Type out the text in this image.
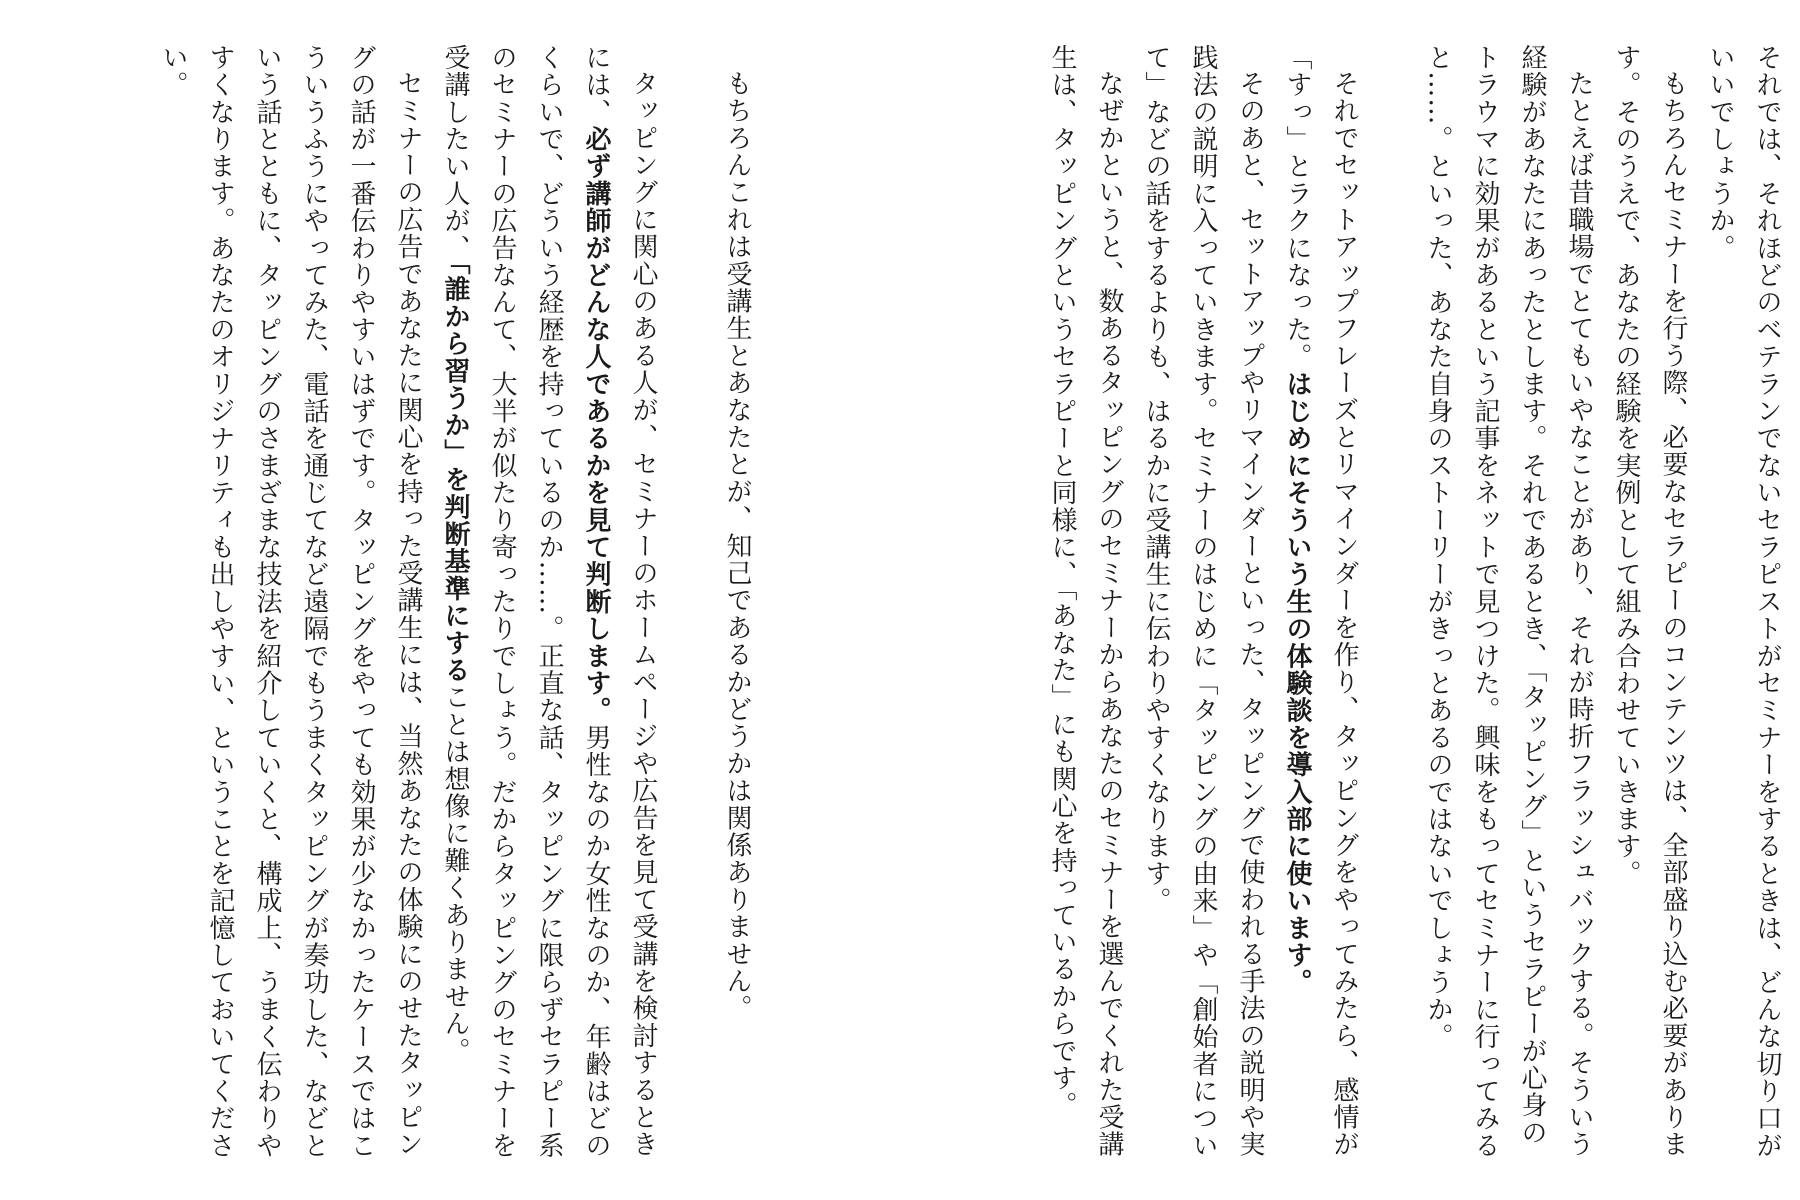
それでは、それほどのベテランでないセラピストがセミナーをするときは、どんな切り口がいいでしょうか。

もちろんセミナーを行う際、必要なセラピーのコンテンツは、全部盛り込む必要があります。そのうえで、あなたの経験を実例として組み合わせていきます。

たとえば昔職場でとてもいやなことがあり、それが時折フラッシュバックする。そういう経験があなたにあったとします。それであるとき、「タッピング」というセラピーが心身のトラウマに効果があるという記事をネットで見つけた。興味をもってセミナーに行ってみると……。といった、あなた自身のストーリーがきっとあるのではないでしょうか。

それでセットアップフレーズとリマインダーを作り、タッピングをやってみたら、感情が「すっ」とラクになった。はじめにそういう生の体験談を導入部に使います。

そのあと、セットアップやリマインダーといった、タッピングで使われる手法の説明や実践法の説明に入っていきます。セミナーのはじめに「タッピングの由来」や「創始者について」などの話をするよりも、はるかに受講生に伝わりやすくなります。

なぜかというと、数あるタッピングのセミナーからあなたのセミナーを選んでくれた受講生は、タッピングというセラピーと同様に、「あなた」にも関心を持っているからです。

もちろんこれは受講生とあなたとが、知己であるかどうかは関係ありません。

タッピングに関心のある人が、セミナーのホームページや広告を見て受講を検討するときには、必ず講師がどんな人であるかを見て判断します。男性なのか女性なのか、年齢はどのくらいで、どういう経歴を持っているのか……。正直な話、タッピングに限らずセラピー系のセミナーの広告なんて、大半が似たり寄ったりでしょう。だからタッピングのセミナーを受講したい人が、「誰から習うか」を判断基準にすることは想像に難くありません。

セミナーの広告であなたに関心を持った受講生には、当然あなたの体験にのせたタッピングの話が一番伝わりやすいはずです。タッピングをやっても効果が少なかったケースではこういうふうにやってみた、電話を通じてなど遠隔でもうまくタッピングが奏功した、などという話とともに、タッピングのさまざまな技法を紹介していくと、構成上、うまく伝わりやすくなります。あなたのオリジナリティも出しやすい、ということを記憶しておいてください。
